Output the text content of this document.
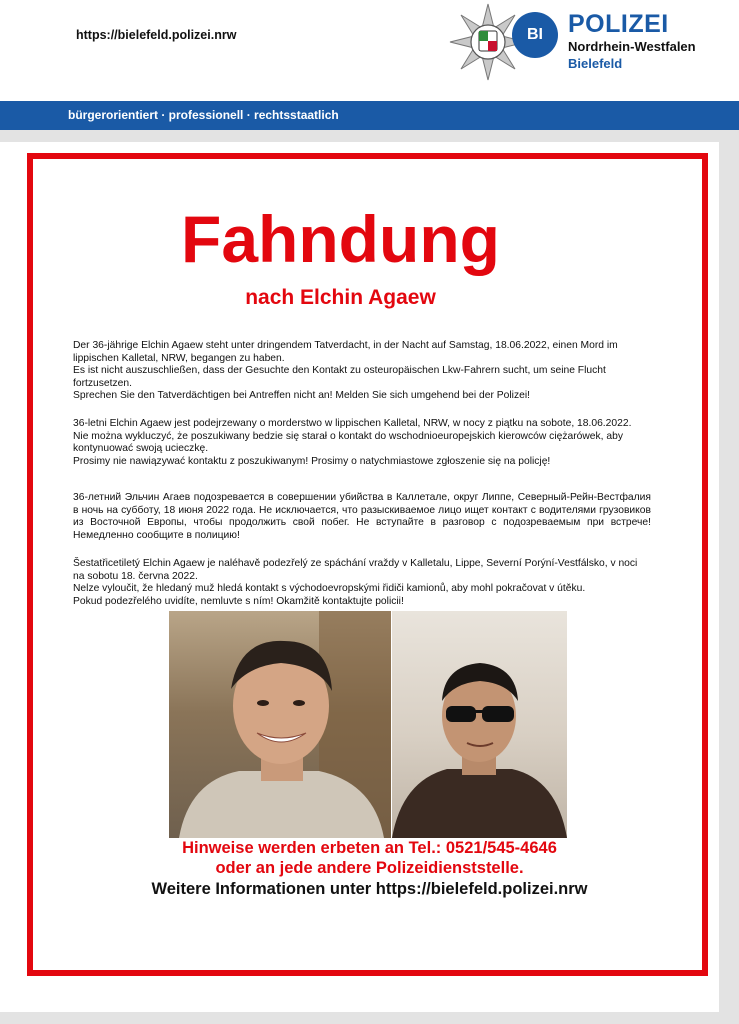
https://bielefeld.polizei.nrw	BI	POLIZEI
Nordrhein-Westfalen
Bielefeld
bürgerorientiert · professionell · rechtsstaatlich
Fahndung
nach Elchin Agaew

Der 36-jährige Elchin Agaew steht unter dringendem Tatverdacht, in der Nacht auf Samstag, 18.06.2022, einen Mord im lippischen Kalletal, NRW, begangen zu haben.

Es ist nicht auszuschließen, dass der Gesuchte den Kontakt zu osteuropäischen Lkw-Fahrern sucht, um seine Flucht fortzusetzen.

Sprechen Sie den Tatverdächtigen bei Antreffen nicht an! Melden Sie sich umgehend bei der Polizei!

36-letni Elchin Agaew jest podejrzewany o morderstwo w lippischen Kalletal, NRW, w nocy z piątku na sobote, 18.06.2022.

Nie można wykluczyć, że poszukiwany bedzie się starał o kontakt do wschodnioeuropejskich kierowców ciężarówek, aby kontynuować swoją ucieczkę.

Prosimy nie nawiązywać kontaktu z poszukiwanym! Prosimy o natychmiastowe zgłoszenie się na policję!

36-летний Эльчин Агаев подозревается в совершении убийства в Каллетале, округ Липпе, Северный-Рейн-Вестфалия в ночь на субботу, 18 июня 2022 года. Не исключается, что разыскиваемое лицо ищет контакт с водителями грузовиков из Восточной Европы, чтобы продолжить свой побег. Не вступайте в разговор с подозреваемым при встрече! Немедленно сообщите в полицию!

Šestatřicetiletý Elchin Agaew je naléhavě podezřelý ze spáchání vraždy v Kalletalu, Lippe, Severní Porýní-Vestfálsko, v noci na sobotu 18. června 2022.

Nelze vyloučit, že hledaný muž hledá kontakt s východoevropskými řidiči kamionů, aby mohl pokračovat v útěku.

Pokud podezřelého uvidíte, nemluvte s ním! Okamžitě kontaktujte policii!

Hinweise werden erbeten an Tel.: 0521/545-4646
oder an jede andere Polizeidienststelle.
Weitere Informationen unter https://bielefeld.polizei.nrw
